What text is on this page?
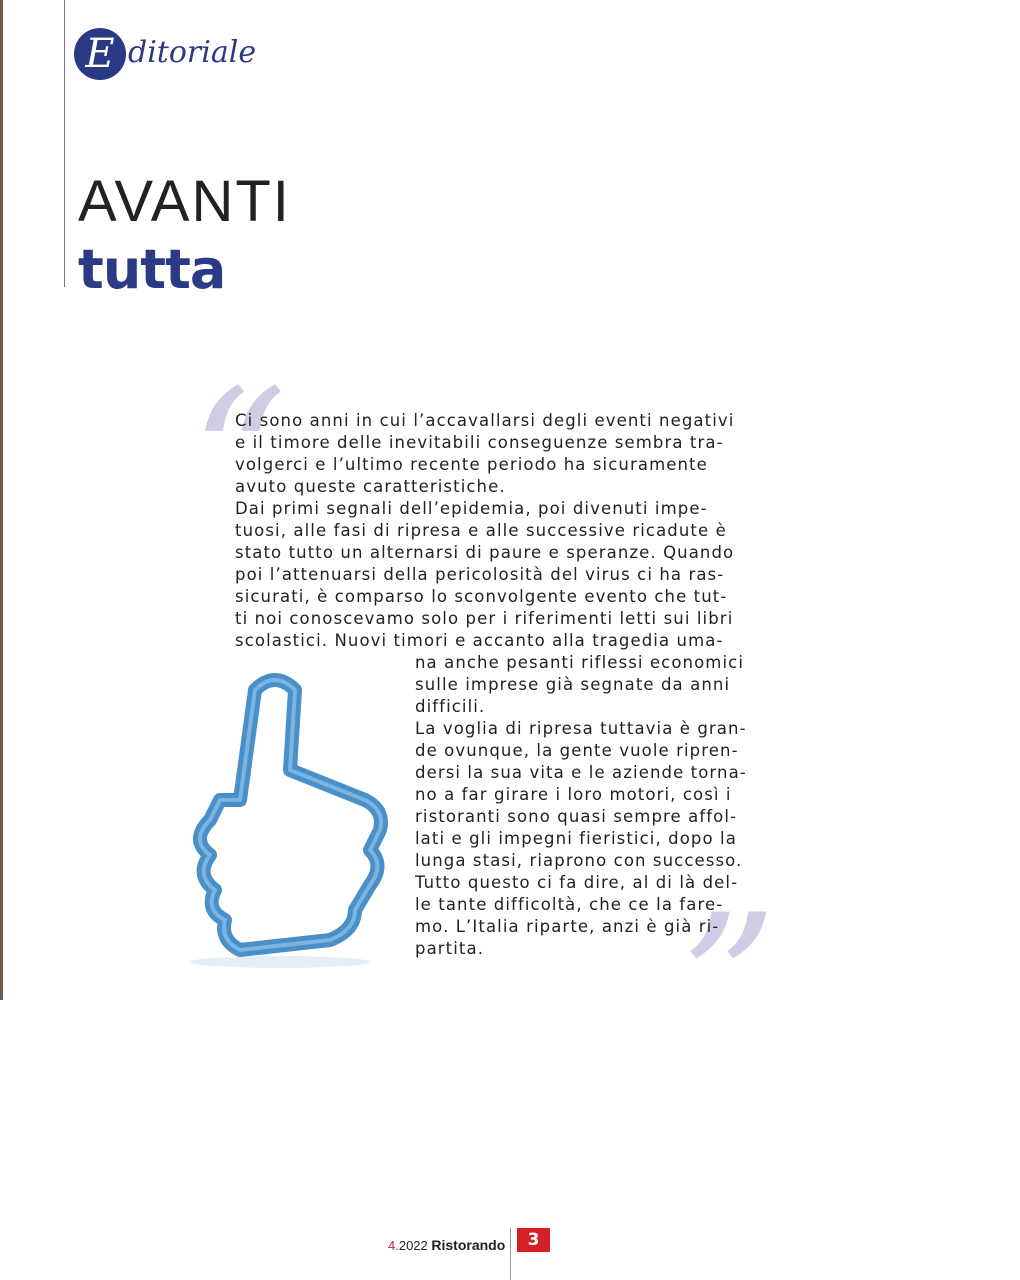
E ditoriale
AVANTI
tutta
“
”
Ci sono anni in cui l’accavallarsi degli eventi negativi
e il timore delle inevitabili conseguenze sembra tra-
volgerci e l’ultimo recente periodo ha sicuramente
avuto queste caratteristiche.
Dai primi segnali dell’epidemia, poi divenuti impe-
tuosi, alle fasi di ripresa e alle successive ricadute è
stato tutto un alternarsi di paure e speranze. Quando
poi l’attenuarsi della pericolosità del virus ci ha ras-
sicurati, è comparso lo sconvolgente evento che tut-
ti noi conoscevamo solo per i riferimenti letti sui libri
scolastici. Nuovi timori e accanto alla tragedia uma-
na anche pesanti riflessi economici
sulle imprese già segnate da anni
difficili.
La voglia di ripresa tuttavia è gran-
de ovunque, la gente vuole ripren-
dersi la sua vita e le aziende torna-
no a far girare i loro motori, così i
ristoranti sono quasi sempre affol-
lati e gli impegni fieristici, dopo la
lunga stasi, riaprono con successo.
Tutto questo ci fa dire, al di là del-
le tante difficoltà, che ce la fare-
mo. L’Italia riparte, anzi è già ri-
partita.
4.2022 Ristorando	3
